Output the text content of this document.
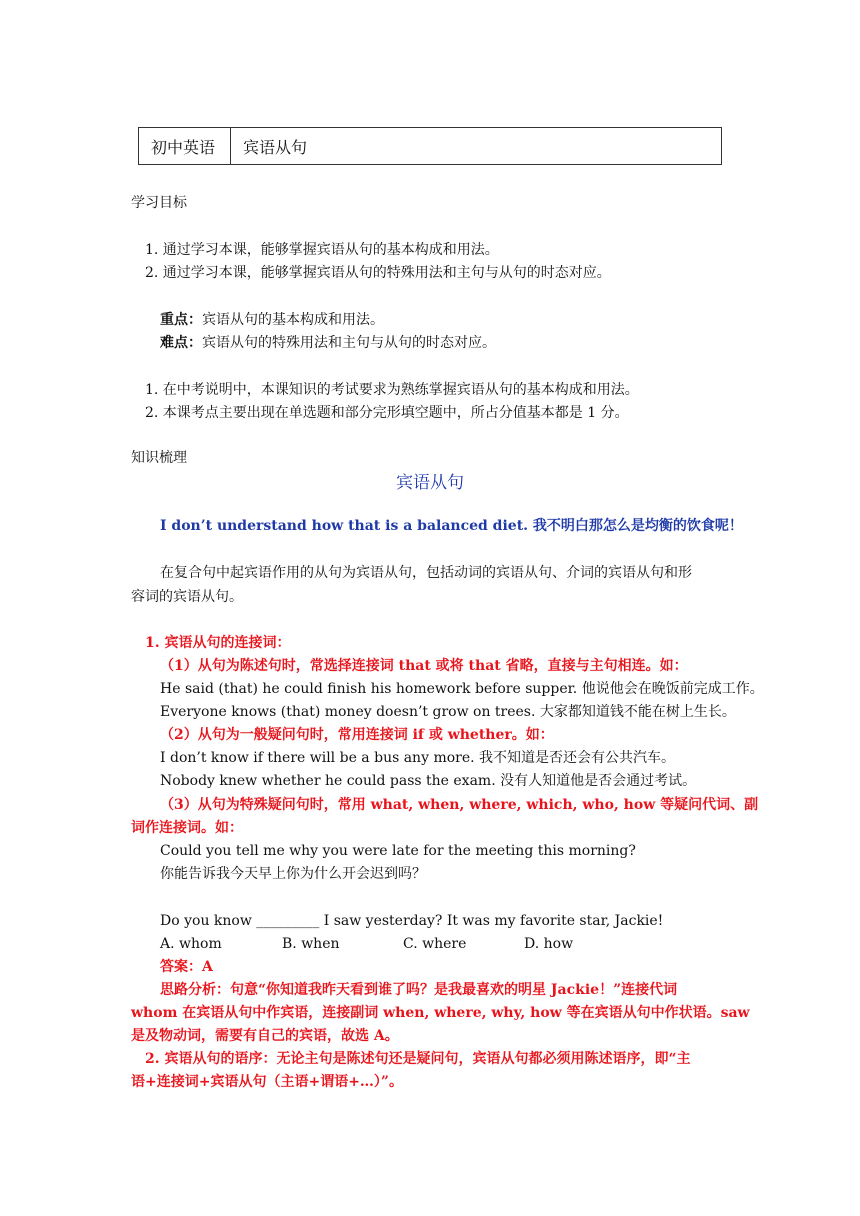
初中英语	宾语从句
学习目标
1. 通过学习本课，能够掌握宾语从句的基本构成和用法。
2. 通过学习本课，能够掌握宾语从句的特殊用法和主句与从句的时态对应。
重点：宾语从句的基本构成和用法。
难点：宾语从句的特殊用法和主句与从句的时态对应。
1. 在中考说明中，本课知识的考试要求为熟练掌握宾语从句的基本构成和用法。
2. 本课考点主要出现在单选题和部分完形填空题中，所占分值基本都是 1 分。
知识梳理
宾语从句
I don’t understand how that is a balanced diet. 我不明白那怎么是均衡的饮食呢！
在复合句中起宾语作用的从句为宾语从句，包括动词的宾语从句、介词的宾语从句和形
容词的宾语从句。
1. 宾语从句的连接词：
（1）从句为陈述句时，常选择连接词 that 或将 that 省略，直接与主句相连。如：
He said (that) he could finish his homework before supper. 他说他会在晚饭前完成工作。
Everyone knows (that) money doesn’t grow on trees. 大家都知道钱不能在树上生长。
（2）从句为一般疑问句时，常用连接词 if 或 whether。如：
I don’t know if there will be a bus any more. 我不知道是否还会有公共汽车。
Nobody knew whether he could pass the exam. 没有人知道他是否会通过考试。
（3）从句为特殊疑问句时，常用 what, when, where, which, who, how 等疑问代词、副
词作连接词。如：
Could you tell me why you were late for the meeting this morning?
你能告诉我今天早上你为什么开会迟到吗？
Do you know _________ I saw yesterday? It was my favorite star, Jackie!
A. whom	B. when	C. where	D. how
答案：A
思路分析：句意“你知道我昨天看到谁了吗？是我最喜欢的明星 Jackie！”连接代词
whom 在宾语从句中作宾语，连接副词 when, where, why, how 等在宾语从句中作状语。saw
是及物动词，需要有自己的宾语，故选 A。
2. 宾语从句的语序：无论主句是陈述句还是疑问句，宾语从句都必须用陈述语序，即“主
语+连接词+宾语从句（主语+谓语+…）”。
